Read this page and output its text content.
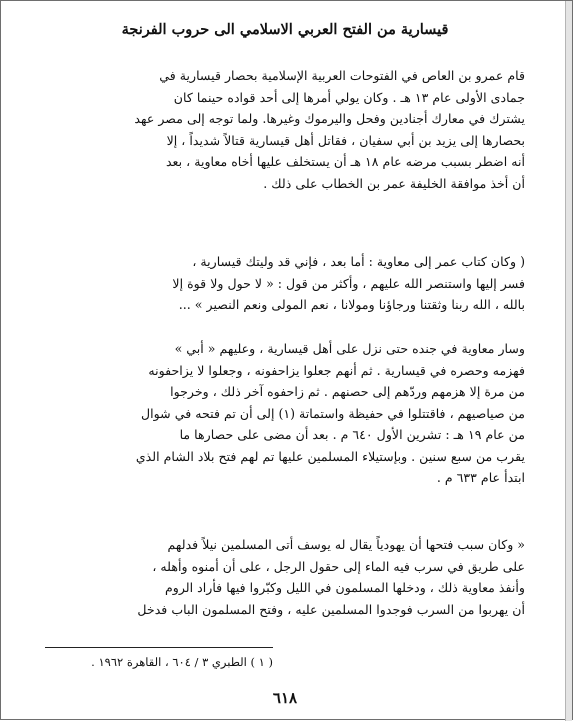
قيسارية من الفتح العربي الاسلامي الى حروب الفرنجة
قام عمرو بن العاص في الفتوحات العربية الإسلامية بحصار قيسارية في
جمادى الأولى عام ١٣ هـ . وكان يولي أمرها إلى أحد قواده حينما كان
يشترك في معارك أجنادين وفحل واليرموك وغيرها. ولما توجه إلى مصر عهد
بحصارها إلى يزيد بن أبي سفيان ، فقاتل أهل قيسارية قتالاً شديداً ، إلا
أنه اضطر بسبب مرضه عام ١٨ هـ أن يستخلف عليها أخاه معاوية ، بعد
أن أخذ موافقة الخليفة عمر بن الخطاب على ذلك .
( وكان كتاب عمر إلى معاوية : أما بعد ، فإني قد وليتك قيسارية ،
فسر إليها واستنصر الله عليهم ، وأكثر من قول : « لا حول ولا قوة إلا
بالله ، الله ربنا وثقتنا ورجاؤنا ومولانا ، نعم المولى ونعم النصير » ...
وسار معاوية في جنده حتى نزل على أهل قيسارية ، وعليهم « أبي »
فهزمه وحصره في قيسارية . ثم أنهم جعلوا يزاحفونه ، وجعلوا لا يزاحفونه
من مرة إلا هزمهم وردّهم إلى حصنهم . ثم زاحفوه آخر ذلك ، وخرجوا
من صياصيهم ، فاقتتلوا في حفيظة واستماتة (١) إلى أن تم فتحه في شوال
من عام ١٩ هـ : تشرين الأول ٦٤٠ م . بعد أن مضى على حصارها ما
يقرب من سبع سنين . وبإستيلاء المسلمين عليها تم لهم فتح بلاد الشام الذي
ابتدأ عام ٦٣٣ م .
« وكان سبب فتحها أن يهودياً يقال له يوسف أتى المسلمين نيلاً فدلهم
على طريق في سرب فيه الماء إلى حقول الرجل ، على أن أمنوه وأهله ،
وأنفذ معاوية ذلك ، ودخلها المسلمون في الليل وكبّروا فيها فأراد الروم
أن يهربوا من السرب فوجدوا المسلمين عليه ، وفتح المسلمون الباب فدخل
( ١ ) الطبري ٣ / ٦٠٤ ، القاهرة ١٩٦٢ .
٦١٨
